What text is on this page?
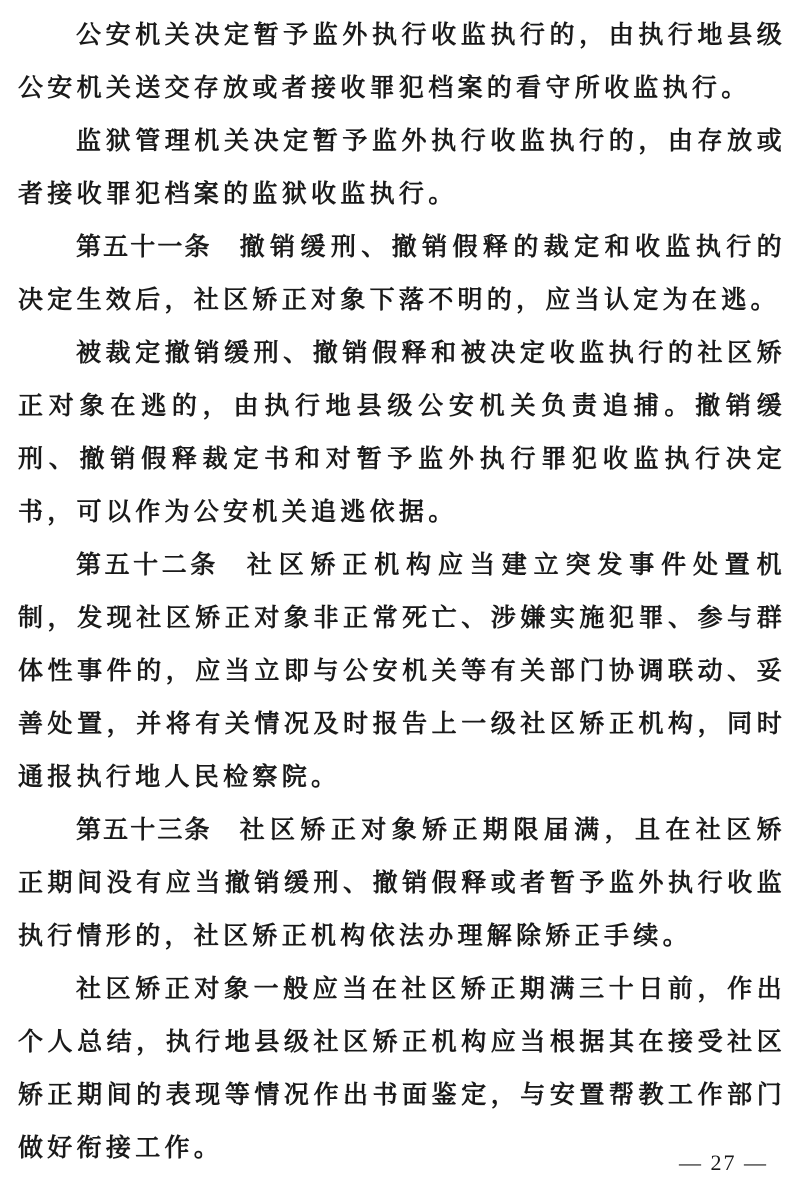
公安机关决定暂予监外执行收监执行的，由执行地县级公安机关送交存放或者接收罪犯档案的看守所收监执行。

监狱管理机关决定暂予监外执行收监执行的，由存放或者接收罪犯档案的监狱收监执行。

第五十一条 撤销缓刑、撤销假释的裁定和收监执行的决定生效后，社区矫正对象下落不明的，应当认定为在逃。

被裁定撤销缓刑、撤销假释和被决定收监执行的社区矫正对象在逃的，由执行地县级公安机关负责追捕。撤销缓刑、撤销假释裁定书和对暂予监外执行罪犯收监执行决定书，可以作为公安机关追逃依据。

第五十二条 社区矫正机构应当建立突发事件处置机制，发现社区矫正对象非正常死亡、涉嫌实施犯罪、参与群体性事件的，应当立即与公安机关等有关部门协调联动、妥善处置，并将有关情况及时报告上一级社区矫正机构，同时通报执行地人民检察院。

第五十三条 社区矫正对象矫正期限届满，且在社区矫正期间没有应当撤销缓刑、撤销假释或者暂予监外执行收监执行情形的，社区矫正机构依法办理解除矫正手续。

社区矫正对象一般应当在社区矫正期满三十日前，作出个人总结，执行地县级社区矫正机构应当根据其在接受社区矫正期间的表现等情况作出书面鉴定，与安置帮教工作部门做好衔接工作。

— 27 —
